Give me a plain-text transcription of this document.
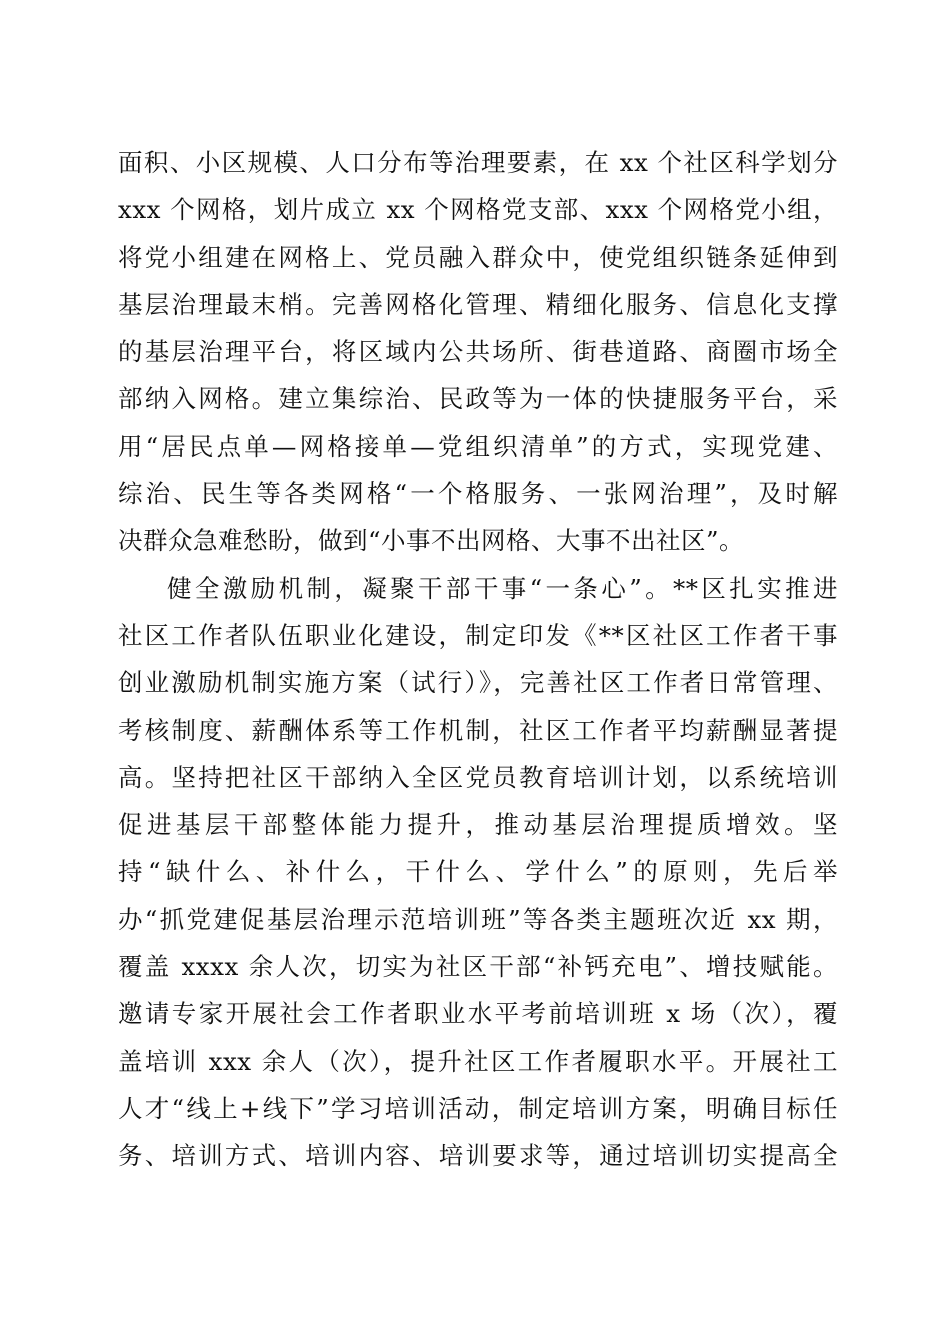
面积、小区规模、人口分布等治理要素，在 xx 个社区科学划分
xxx 个网格，划片成立 xx 个网格党支部、xxx 个网格党小组，
将党小组建在网格上、党员融入群众中，使党组织链条延伸到
基层治理最末梢。完善网格化管理、精细化服务、信息化支撑
的基层治理平台，将区域内公共场所、街巷道路、商圈市场全
部纳入网格。建立集综治、民政等为一体的快捷服务平台，采
用“居民点单—网格接单—党组织清单”的方式，实现党建、
综治、民生等各类网格“一个格服务、一张网治理”，及时解
决群众急难愁盼，做到“小事不出网格、大事不出社区”。
健全激励机制，凝聚干部干事“一条心”。**区扎实推进
社区工作者队伍职业化建设，制定印发《**区社区工作者干事
创业激励机制实施方案（试行）》，完善社区工作者日常管理、
考核制度、薪酬体系等工作机制，社区工作者平均薪酬显著提
高。坚持把社区干部纳入全区党员教育培训计划，以系统培训
促进基层干部整体能力提升，推动基层治理提质增效。坚
持“缺什么、补什么，干什么、学什么”的原则，先后举
办“抓党建促基层治理示范培训班”等各类主题班次近 xx 期，
覆盖 xxxx 余人次，切实为社区干部“补钙充电”、增技赋能。
邀请专家开展社会工作者职业水平考前培训班 x 场（次），覆
盖培训 xxx 余人（次），提升社区工作者履职水平。开展社工
人才“线上+线下”学习培训活动，制定培训方案，明确目标任
务、培训方式、培训内容、培训要求等，通过培训切实提高全
